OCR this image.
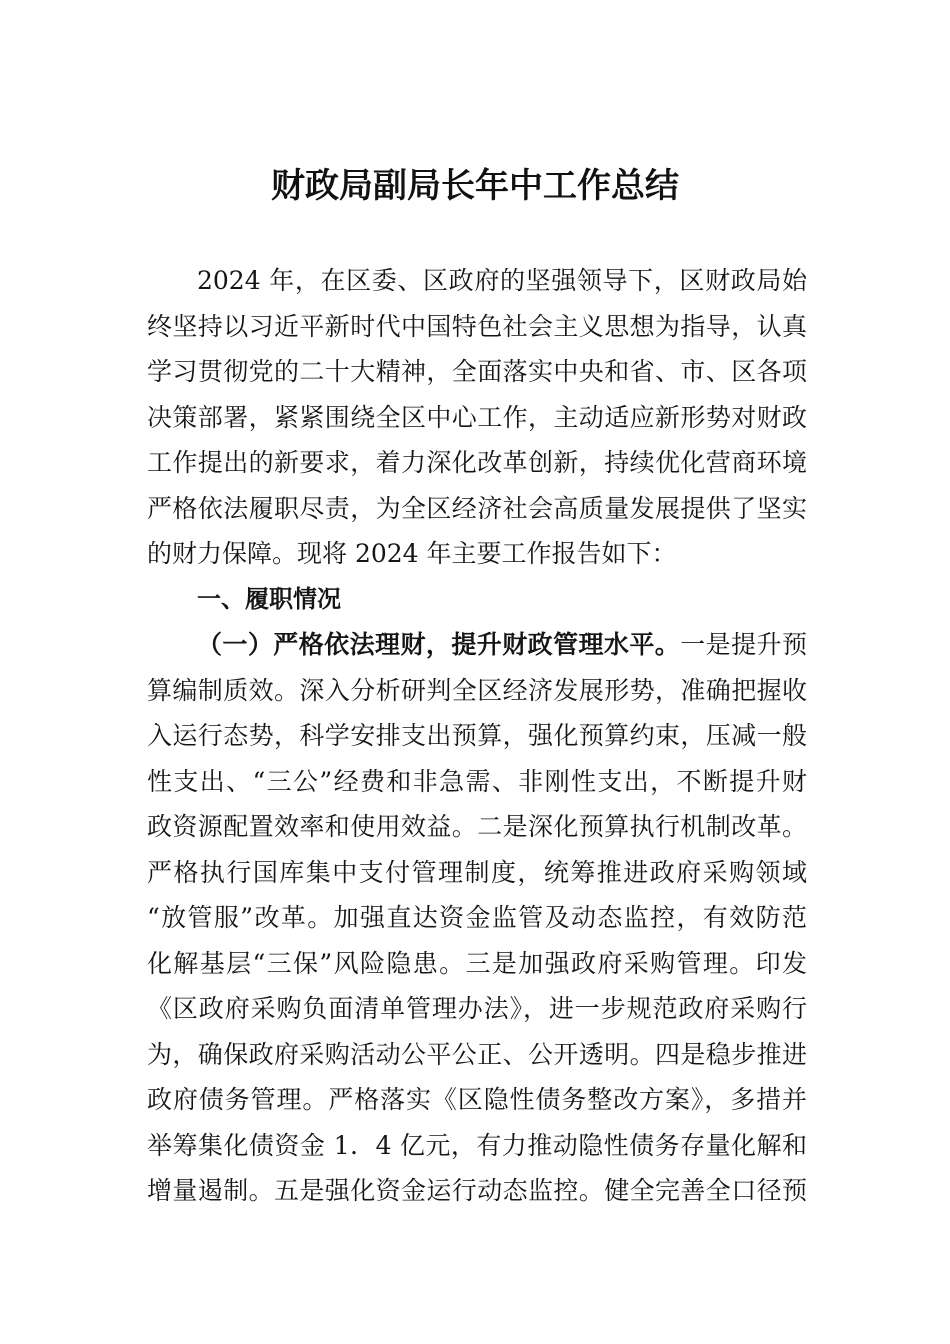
财政局副局长年中工作总结
2024 年，在区委、区政府的坚强领导下，区财政局始
终坚持以习近平新时代中国特色社会主义思想为指导，认真
学习贯彻党的二十大精神，全面落实中央和省、市、区各项
决策部署，紧紧围绕全区中心工作，主动适应新形势对财政
工作提出的新要求，着力深化改革创新，持续优化营商环境
严格依法履职尽责，为全区经济社会高质量发展提供了坚实
的财力保障。现将 2024 年主要工作报告如下：
一、履职情况
（一）严格依法理财，提升财政管理水平。一是提升预
算编制质效。深入分析研判全区经济发展形势，准确把握收
入运行态势，科学安排支出预算，强化预算约束，压减一般
性支出、“三公”经费和非急需、非刚性支出，不断提升财
政资源配置效率和使用效益。二是深化预算执行机制改革。
严格执行国库集中支付管理制度，统筹推进政府采购领域
“放管服”改革。加强直达资金监管及动态监控，有效防范
化解基层“三保”风险隐患。三是加强政府采购管理。印发
《区政府采购负面清单管理办法》，进一步规范政府采购行
为，确保政府采购活动公平公正、公开透明。四是稳步推进
政府债务管理。严格落实《区隐性债务整改方案》，多措并
举筹集化债资金 1．4 亿元，有力推动隐性债务存量化解和
增量遏制。五是强化资金运行动态监控。健全完善全口径预
